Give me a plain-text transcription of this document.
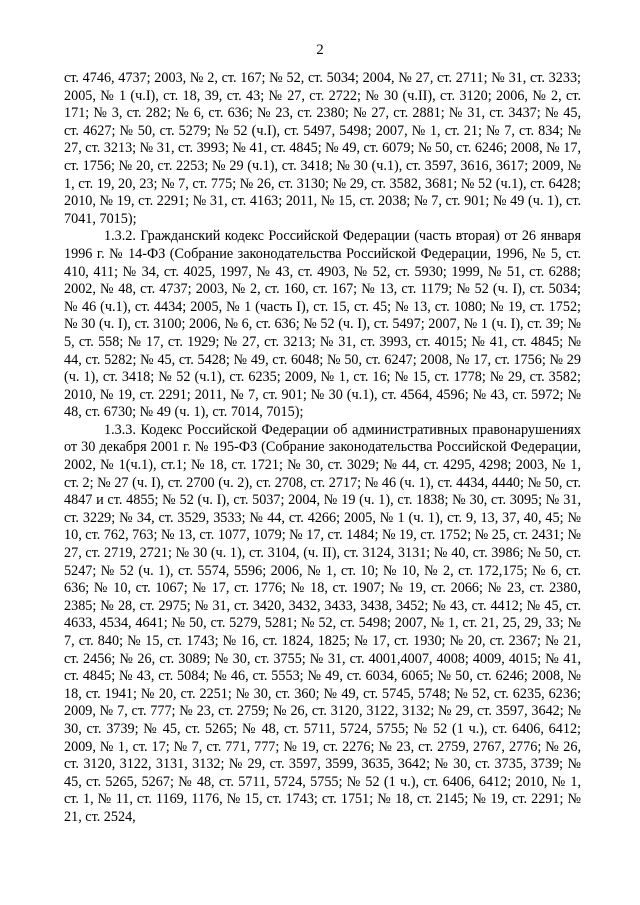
2

ст. 4746, 4737; 2003, № 2, ст. 167; № 52, ст. 5034; 2004, № 27, ст. 2711; № 31, ст. 3233; 2005, № 1 (ч.I), ст. 18, 39, ст. 43; № 27, ст. 2722; № 30 (ч.II), ст. 3120; 2006, № 2, ст. 171; № 3, ст. 282; № 6, ст. 636; № 23, ст. 2380; № 27, ст. 2881; № 31, ст. 3437; № 45, ст. 4627; № 50, ст. 5279; № 52 (ч.I), ст. 5497, 5498; 2007, № 1, ст. 21; № 7, ст. 834; № 27, ст. 3213; № 31, ст. 3993; № 41, ст. 4845; № 49, ст. 6079; № 50, ст. 6246; 2008, № 17, ст. 1756; № 20, ст. 2253; № 29 (ч.1), ст. 3418; № 30 (ч.1), ст. 3597, 3616, 3617; 2009, № 1, ст. 19, 20, 23; № 7, ст. 775; № 26, ст. 3130; № 29, ст. 3582, 3681; № 52 (ч.1), ст. 6428; 2010, № 19, ст. 2291; № 31, ст. 4163; 2011, № 15, ст. 2038; № 7, ст. 901; № 49 (ч. 1), ст. 7041, 7015);

1.3.2. Гражданский кодекс Российской Федерации (часть вторая) от 26 января 1996 г. № 14-ФЗ (Собрание законодательства Российской Федерации, 1996, № 5, ст. 410, 411; № 34, ст. 4025, 1997, № 43, ст. 4903, № 52, ст. 5930; 1999, № 51, ст. 6288; 2002, № 48, ст. 4737; 2003, № 2, ст. 160, ст. 167; № 13, ст. 1179; № 52 (ч. I), ст. 5034; № 46 (ч.1), ст. 4434; 2005, № 1 (часть I), ст. 15, ст. 45; № 13, ст. 1080; № 19, ст. 1752; № 30 (ч. I), ст. 3100; 2006, № 6, ст. 636; № 52 (ч. I), ст. 5497; 2007, № 1 (ч. I), ст. 39; № 5, ст. 558; № 17, ст. 1929; № 27, ст. 3213; № 31, ст. 3993, ст. 4015; № 41, ст. 4845; № 44, ст. 5282; № 45, ст. 5428; № 49, ст. 6048; № 50, ст. 6247; 2008, № 17, ст. 1756; № 29 (ч. 1), ст. 3418; № 52 (ч.1), ст. 6235; 2009, № 1, ст. 16; № 15, ст. 1778; № 29, ст. 3582; 2010, № 19, ст. 2291; 2011, № 7, ст. 901; № 30 (ч.1), ст. 4564, 4596; № 43, ст. 5972; № 48, ст. 6730; № 49 (ч. 1), ст. 7014, 7015);

1.3.3. Кодекс Российской Федерации об административных правонарушениях от 30 декабря 2001 г. № 195-ФЗ (Собрание законодательства Российской Федерации, 2002, № 1(ч.1), ст.1; № 18, ст. 1721; № 30, ст. 3029; № 44, ст. 4295, 4298; 2003, № 1, ст. 2; № 27 (ч. I), ст. 2700 (ч. 2), ст. 2708, ст. 2717; № 46 (ч. 1), ст. 4434, 4440; № 50, ст. 4847 и ст. 4855; № 52 (ч. I), ст. 5037; 2004, № 19 (ч. 1), ст. 1838; № 30, ст. 3095; № 31, ст. 3229; № 34, ст. 3529, 3533; № 44, ст. 4266; 2005, № 1 (ч. 1), ст. 9, 13, 37, 40, 45; № 10, ст. 762, 763; № 13, ст. 1077, 1079; № 17, ст. 1484; № 19, ст. 1752; № 25, ст. 2431; № 27, ст. 2719, 2721; № 30 (ч. 1), ст. 3104, (ч. II), ст. 3124, 3131; № 40, ст. 3986; № 50, ст. 5247; № 52 (ч. 1), ст. 5574, 5596; 2006, № 1, ст. 10; № 10, № 2, ст. 172,175; № 6, ст. 636; № 10, ст. 1067; № 17, ст. 1776; № 18, ст. 1907; № 19, ст. 2066; № 23, ст. 2380, 2385; № 28, ст. 2975; № 31, ст. 3420, 3432, 3433, 3438, 3452; № 43, ст. 4412; № 45, ст. 4633, 4534, 4641; № 50, ст. 5279, 5281; № 52, ст. 5498; 2007, № 1, ст. 21, 25, 29, 33; № 7, ст. 840; № 15, ст. 1743; № 16, ст. 1824, 1825; № 17, ст. 1930; № 20, ст. 2367; № 21, ст. 2456; № 26, ст. 3089; № 30, ст. 3755; № 31, ст. 4001,4007, 4008; 4009, 4015; № 41, ст. 4845; № 43, ст. 5084; № 46, ст. 5553; № 49, ст. 6034, 6065; № 50, ст. 6246; 2008, № 18, ст. 1941; № 20, ст. 2251; № 30, ст. 360; № 49, ст. 5745, 5748; № 52, ст. 6235, 6236; 2009, № 7, ст. 777; № 23, ст. 2759; № 26, ст. 3120, 3122, 3132; № 29, ст. 3597, 3642; № 30, ст. 3739; № 45, ст. 5265; № 48, ст. 5711, 5724, 5755; № 52 (1 ч.), ст. 6406, 6412; 2009, № 1, ст. 17; № 7, ст. 771, 777; № 19, ст. 2276; № 23, ст. 2759, 2767, 2776; № 26, ст. 3120, 3122, 3131, 3132; № 29, ст. 3597, 3599, 3635, 3642; № 30, ст. 3735, 3739; № 45, ст. 5265, 5267; № 48, ст. 5711, 5724, 5755; № 52 (1 ч.), ст. 6406, 6412; 2010, № 1, ст. 1, № 11, ст. 1169, 1176, № 15, ст. 1743; ст. 1751; № 18, ст. 2145; № 19, ст. 2291; № 21, ст. 2524,
